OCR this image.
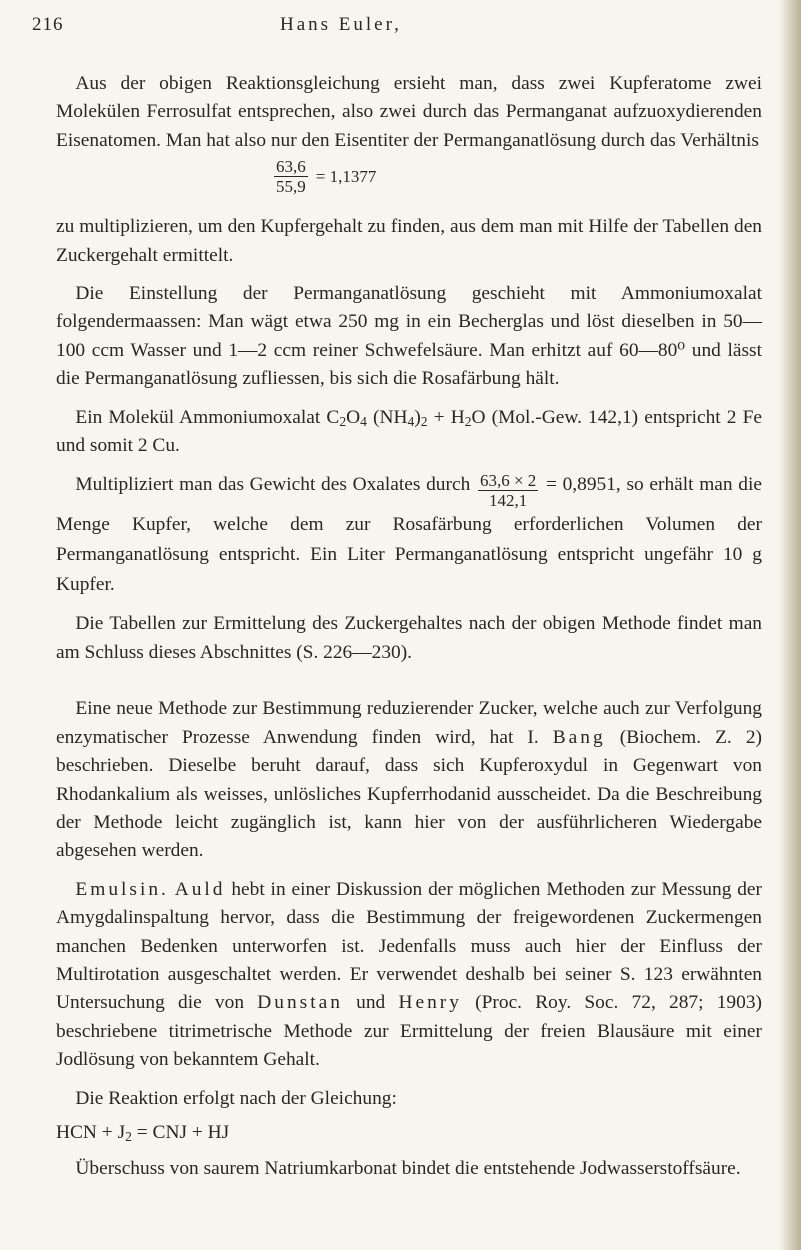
216	Hans Euler,

 Aus der obigen Reaktionsgleichung ersieht man, dass zwei Kupferatome zwei Molekülen Ferrosulfat entsprechen, also zwei durch das Permanganat aufzuoxydierenden Eisenatomen. Man hat also nur den Eisentiter der Permanganatlösung durch das Verhältnis

$\frac{63,6}{55,9} = 1,1377$

zu multiplizieren, um den Kupfergehalt zu finden, aus dem man mit Hilfe der Tabellen den Zuckergehalt ermittelt.

 Die Einstellung der Permanganatlösung geschieht mit Ammoniumoxalat folgendermaassen: Man wägt etwa 250 mg in ein Becherglas und löst dieselben in 50—100 ccm Wasser und 1—2 ccm reiner Schwefelsäure. Man erhitzt auf 60—80⁰ und lässt die Permanganatlösung zufliessen, bis sich die Rosafärbung hält.

 Ein Molekül Ammoniumoxalat $C_2O_4$ $(NH_4)_2 + H_2O$ (Mol.-Gew. 142,1) entspricht 2 Fe und somit 2 Cu.

 Multipliziert man das Gewicht des Oxalates durch $\frac{63,6 \times 2}{142,1} = 0,8951$, so erhält man die Menge Kupfer, welche dem zur Rosafärbung erforderlichen Volumen der Permanganatlösung entspricht. Ein Liter Permanganatlösung entspricht ungefähr 10 g Kupfer.

 Die Tabellen zur Ermittelung des Zuckergehaltes nach der obigen Methode findet man am Schluss dieses Abschnittes (S. 226—230).

 Eine neue Methode zur Bestimmung reduzierender Zucker, welche auch zur Verfolgung enzymatischer Prozesse Anwendung finden wird, hat I. Bang (Biochem. Z. 2) beschrieben. Dieselbe beruht darauf, dass sich Kupferoxydul in Gegenwart von Rhodankalium als weisses, unlösliches Kupferrhodanid ausscheidet. Da die Beschreibung der Methode leicht zugänglich ist, kann hier von der ausführlicheren Wiedergabe abgesehen werden.

 Emulsin. Auld hebt in einer Diskussion der möglichen Methoden zur Messung der Amygdalinspaltung hervor, dass die Bestimmung der freigewordenen Zuckermengen manchen Bedenken unterworfen ist. Jedenfalls muss auch hier der Einfluss der Multirotation ausgeschaltet werden. Er verwendet deshalb bei seiner S. 123 erwähnten Untersuchung die von Dunstan und Henry (Proc. Roy. Soc. 72, 287; 1903) beschriebene titrimetrische Methode zur Ermittelung der freien Blausäure mit einer Jodlösung von bekanntem Gehalt.

 Die Reaktion erfolgt nach der Gleichung:

HCN + $J_2$ = CNJ + HJ

 Überschuss von saurem Natriumkarbonat bindet die entstehende Jodwasserstoffsäure.
